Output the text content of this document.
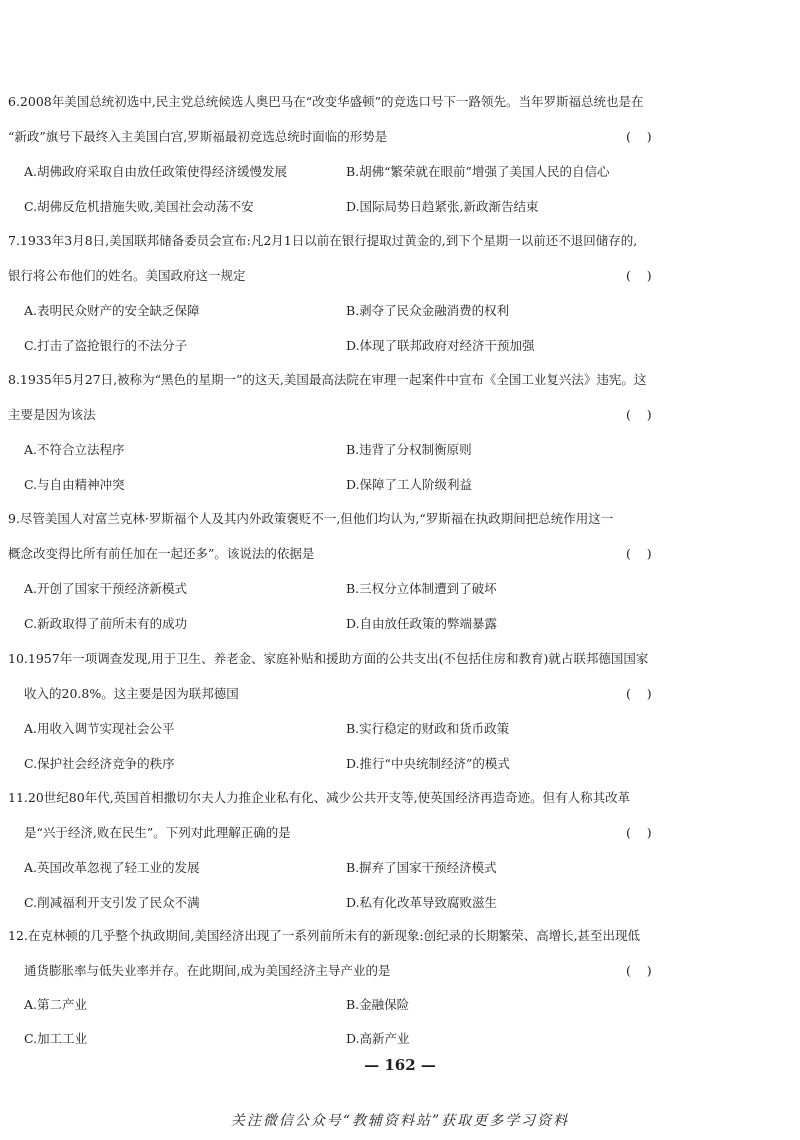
6.2008年美国总统初选中,民主党总统候选人奥巴马在“改变华盛顿”的竞选口号下一路领先。当年罗斯福总统也是在
“新政”旗号下最终入主美国白宫,罗斯福最初竞选总统时面临的形势是	(    )
A.胡佛政府采取自由放任政策使得经济缓慢发展	B.胡佛“繁荣就在眼前”增强了美国人民的自信心
C.胡佛反危机措施失败,美国社会动荡不安	D.国际局势日趋紧张,新政渐告结束
7.1933年3月8日,美国联邦储备委员会宣布:凡2月1日以前在银行提取过黄金的,到下个星期一以前还不退回储存的,
银行将公布他们的姓名。美国政府这一规定	(    )
A.表明民众财产的安全缺乏保障	B.剥夺了民众金融消费的权利
C.打击了盗抢银行的不法分子	D.体现了联邦政府对经济干预加强
8.1935年5月27日,被称为“黑色的星期一”的这天,美国最高法院在审理一起案件中宣布《全国工业复兴法》违宪。这
主要是因为该法	(    )
A.不符合立法程序	B.违背了分权制衡原则
C.与自由精神冲突	D.保障了工人阶级利益
9.尽管美国人对富兰克林·罗斯福个人及其内外政策褒贬不一,但他们均认为,“罗斯福在执政期间把总统作用这一
概念改变得比所有前任加在一起还多”。该说法的依据是	(    )
A.开创了国家干预经济新模式	B.三权分立体制遭到了破坏
C.新政取得了前所未有的成功	D.自由放任政策的弊端暴露
10.1957年一项调查发现,用于卫生、养老金、家庭补贴和援助方面的公共支出(不包括住房和教育)就占联邦德国国家
收入的20.8%。这主要是因为联邦德国	(    )
A.用收入调节实现社会公平	B.实行稳定的财政和货币政策
C.保护社会经济竞争的秩序	D.推行“中央统制经济”的模式
11.20世纪80年代,英国首相撒切尔夫人力推企业私有化、减少公共开支等,使英国经济再造奇迹。但有人称其改革
是“兴于经济,败在民生”。下列对此理解正确的是	(    )
A.英国改革忽视了轻工业的发展	B.摒弃了国家干预经济模式
C.削减福利开支引发了民众不满	D.私有化改革导致腐败滋生
12.在克林顿的几乎整个执政期间,美国经济出现了一系列前所未有的新现象:创纪录的长期繁荣、高增长,甚至出现低
通货膨胀率与低失业率并存。在此期间,成为美国经济主导产业的是	(    )
A.第二产业	B.金融保险
C.加工工业	D.高新产业
— 162 —
关注微信公众号“教辅资料站”获取更多学习资料
